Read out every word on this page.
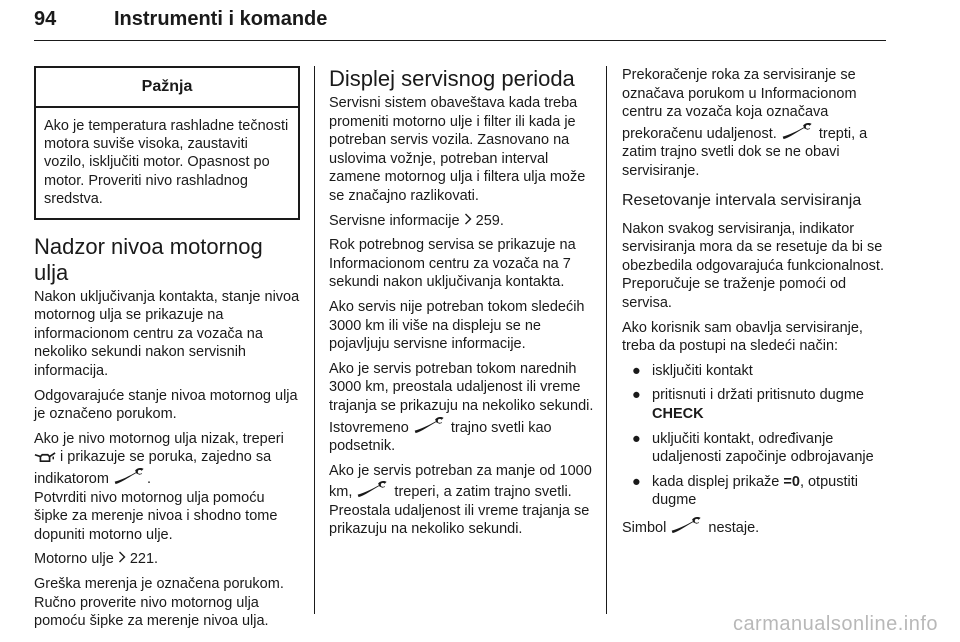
94	Instrumenti i komande
Pažnja
Ako je temperatura rashladne tečnosti motora suviše visoka, zaustaviti vozilo, isključiti motor. Opasnost po motor. Proveriti nivo rashladnog sredstva.
Nadzor nivoa motornog ulja

Nakon uključivanja kontakta, stanje nivoa motornog ulja se prikazuje na informacionom centru za vozača na nekoliko sekundi nakon servisnih informacija.

Odgovarajuće stanje nivoa motornog ulja je označeno porukom.

Ako je nivo motornog ulja nizak, treperi  i prikazuje se poruka, zajedno sa indikatorom	.
Potvrditi nivo motornog ulja pomoću šipke za merenje nivoa i shodno tome dopuniti motorno ulje.

Motorno ulje 221.

Greška merenja je označena porukom. Ručno proverite nivo motornog ulja pomoću šipke za merenje nivoa ulja.

Displej servisnog perioda

Servisni sistem obaveštava kada treba promeniti motorno ulje i filter ili kada je potreban servis vozila. Zasnovano na uslovima vožnje, potreban interval zamene motornog ulja i filtera ulja može se značajno razlikovati.

Servisne informacije 259.

Rok potrebnog servisa se prikazuje na Informacionom centru za vozača na 7 sekundi nakon uključivanja kontakta.

Ako servis nije potreban tokom sledećih 3000 km ili više na displeju se ne pojavljuju servisne informacije.

Ako je servis potreban tokom narednih 3000 km, preostala udaljenost ili vreme trajanja se prikazuju na nekoliko sekundi. Istovremeno	trajno svetli kao podsetnik.

Ako je servis potreban za manje od 1000 km,	treperi, a zatim trajno svetli. Preostala udaljenost ili vreme trajanja se prikazuju na nekoliko sekundi.

Prekoračenje roka za servisiranje se označava porukom u Informacionom centru za vozača koja označava prekoračenu udaljenost.	trepti, a zatim trajno svetli dok se ne obavi servisiranje.

Resetovanje intervala servisiranja

Nakon svakog servisiranja, indikator servisiranja mora da se resetuje da bi se obezbedila odgovarajuća funkcionalnost. Preporučuje se traženje pomoći od servisa.

Ako korisnik sam obavlja servisiranje, treba da postupi na sledeći način:

● isključiti kontakt
● pritisnuti i držati pritisnuto dugme CHECK
● uključiti kontakt, određivanje udaljenosti započinje odbrojavanje
● kada displej prikaže =0, otpustiti dugme

Simbol	nestaje.

carmanualsonline.info
